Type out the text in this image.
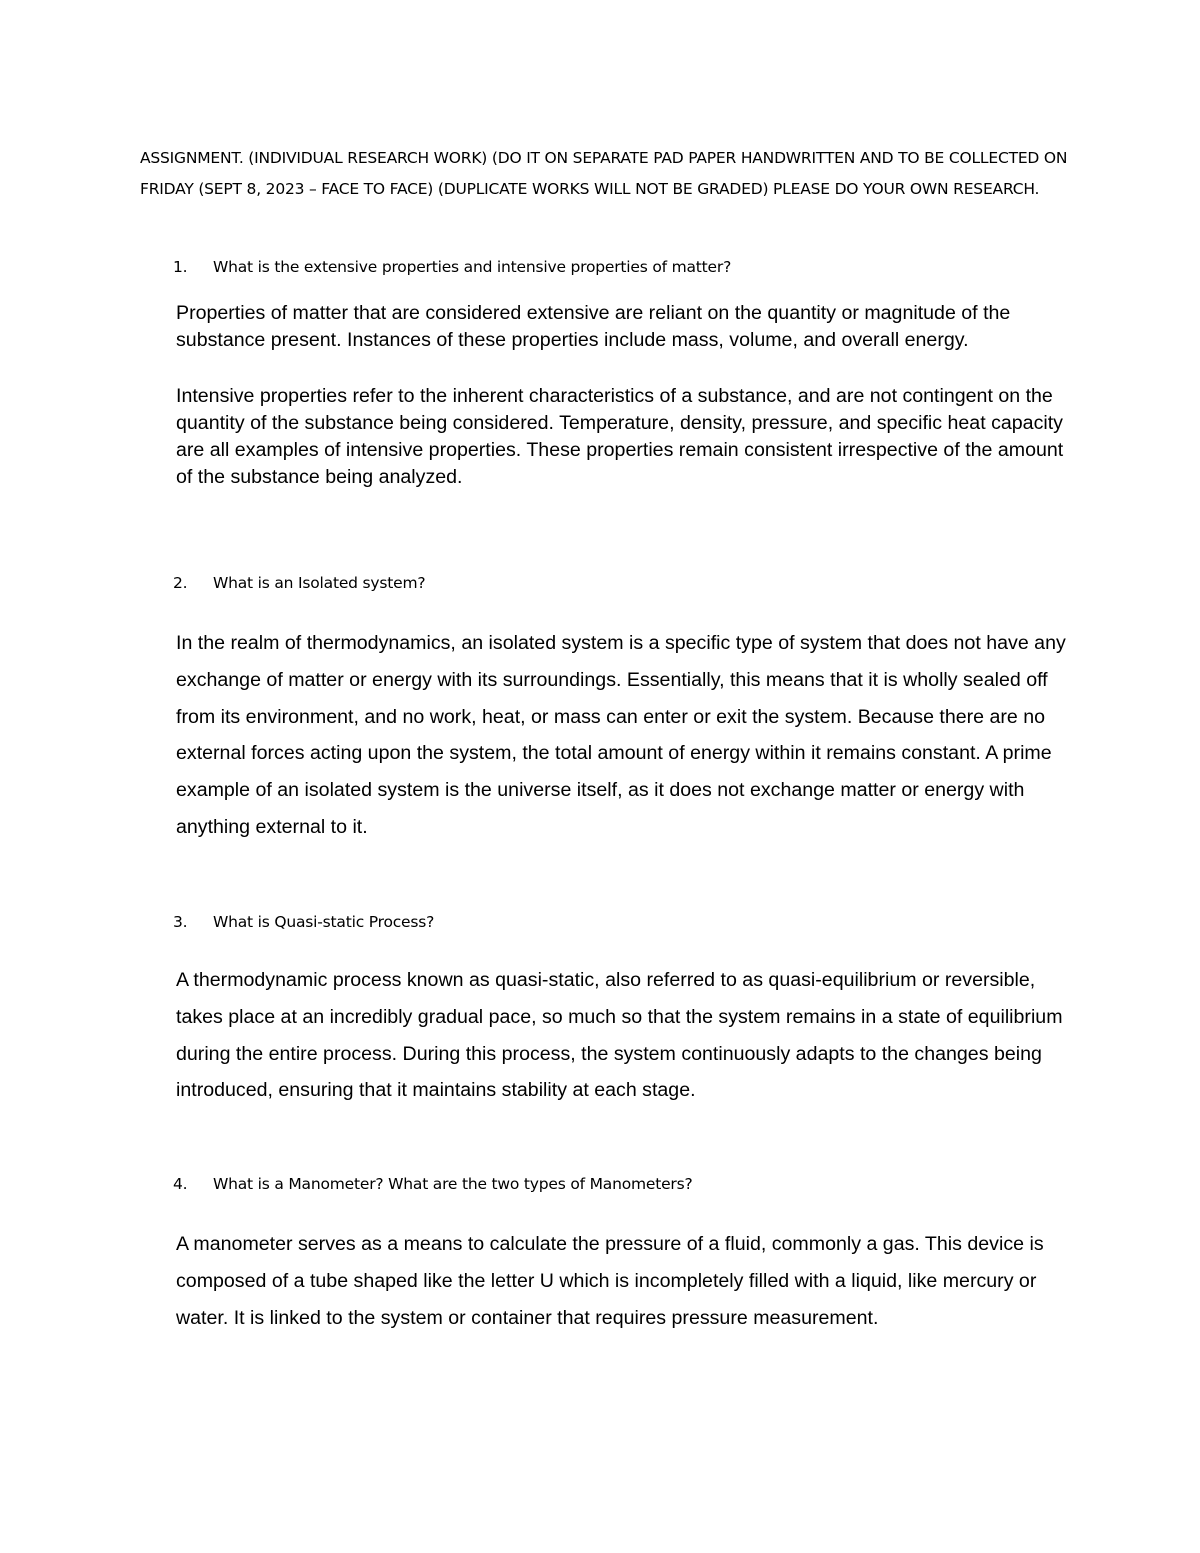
ASSIGNMENT. (INDIVIDUAL RESEARCH WORK) (DO IT ON SEPARATE PAD PAPER HANDWRITTEN AND TO BE COLLECTED ON FRIDAY (SEPT 8, 2023 – FACE TO FACE) (DUPLICATE WORKS WILL NOT BE GRADED) PLEASE DO YOUR OWN RESEARCH.
1. What is the extensive properties and intensive properties of matter?

Properties of matter that are considered extensive are reliant on the quantity or magnitude of the substance present. Instances of these properties include mass, volume, and overall energy.

Intensive properties refer to the inherent characteristics of a substance, and are not contingent on the quantity of the substance being considered. Temperature, density, pressure, and specific heat capacity are all examples of intensive properties. These properties remain consistent irrespective of the amount of the substance being analyzed.

2. What is an Isolated system?

In the realm of thermodynamics, an isolated system is a specific type of system that does not have any exchange of matter or energy with its surroundings. Essentially, this means that it is wholly sealed off from its environment, and no work, heat, or mass can enter or exit the system. Because there are no external forces acting upon the system, the total amount of energy within it remains constant. A prime example of an isolated system is the universe itself, as it does not exchange matter or energy with anything external to it.

3. What is Quasi-static Process?

A thermodynamic process known as quasi-static, also referred to as quasi-equilibrium or reversible, takes place at an incredibly gradual pace, so much so that the system remains in a state of equilibrium during the entire process. During this process, the system continuously adapts to the changes being introduced, ensuring that it maintains stability at each stage.

4. What is a Manometer? What are the two types of Manometers?

A manometer serves as a means to calculate the pressure of a fluid, commonly a gas. This device is composed of a tube shaped like the letter U which is incompletely filled with a liquid, like mercury or water. It is linked to the system or container that requires pressure measurement.
